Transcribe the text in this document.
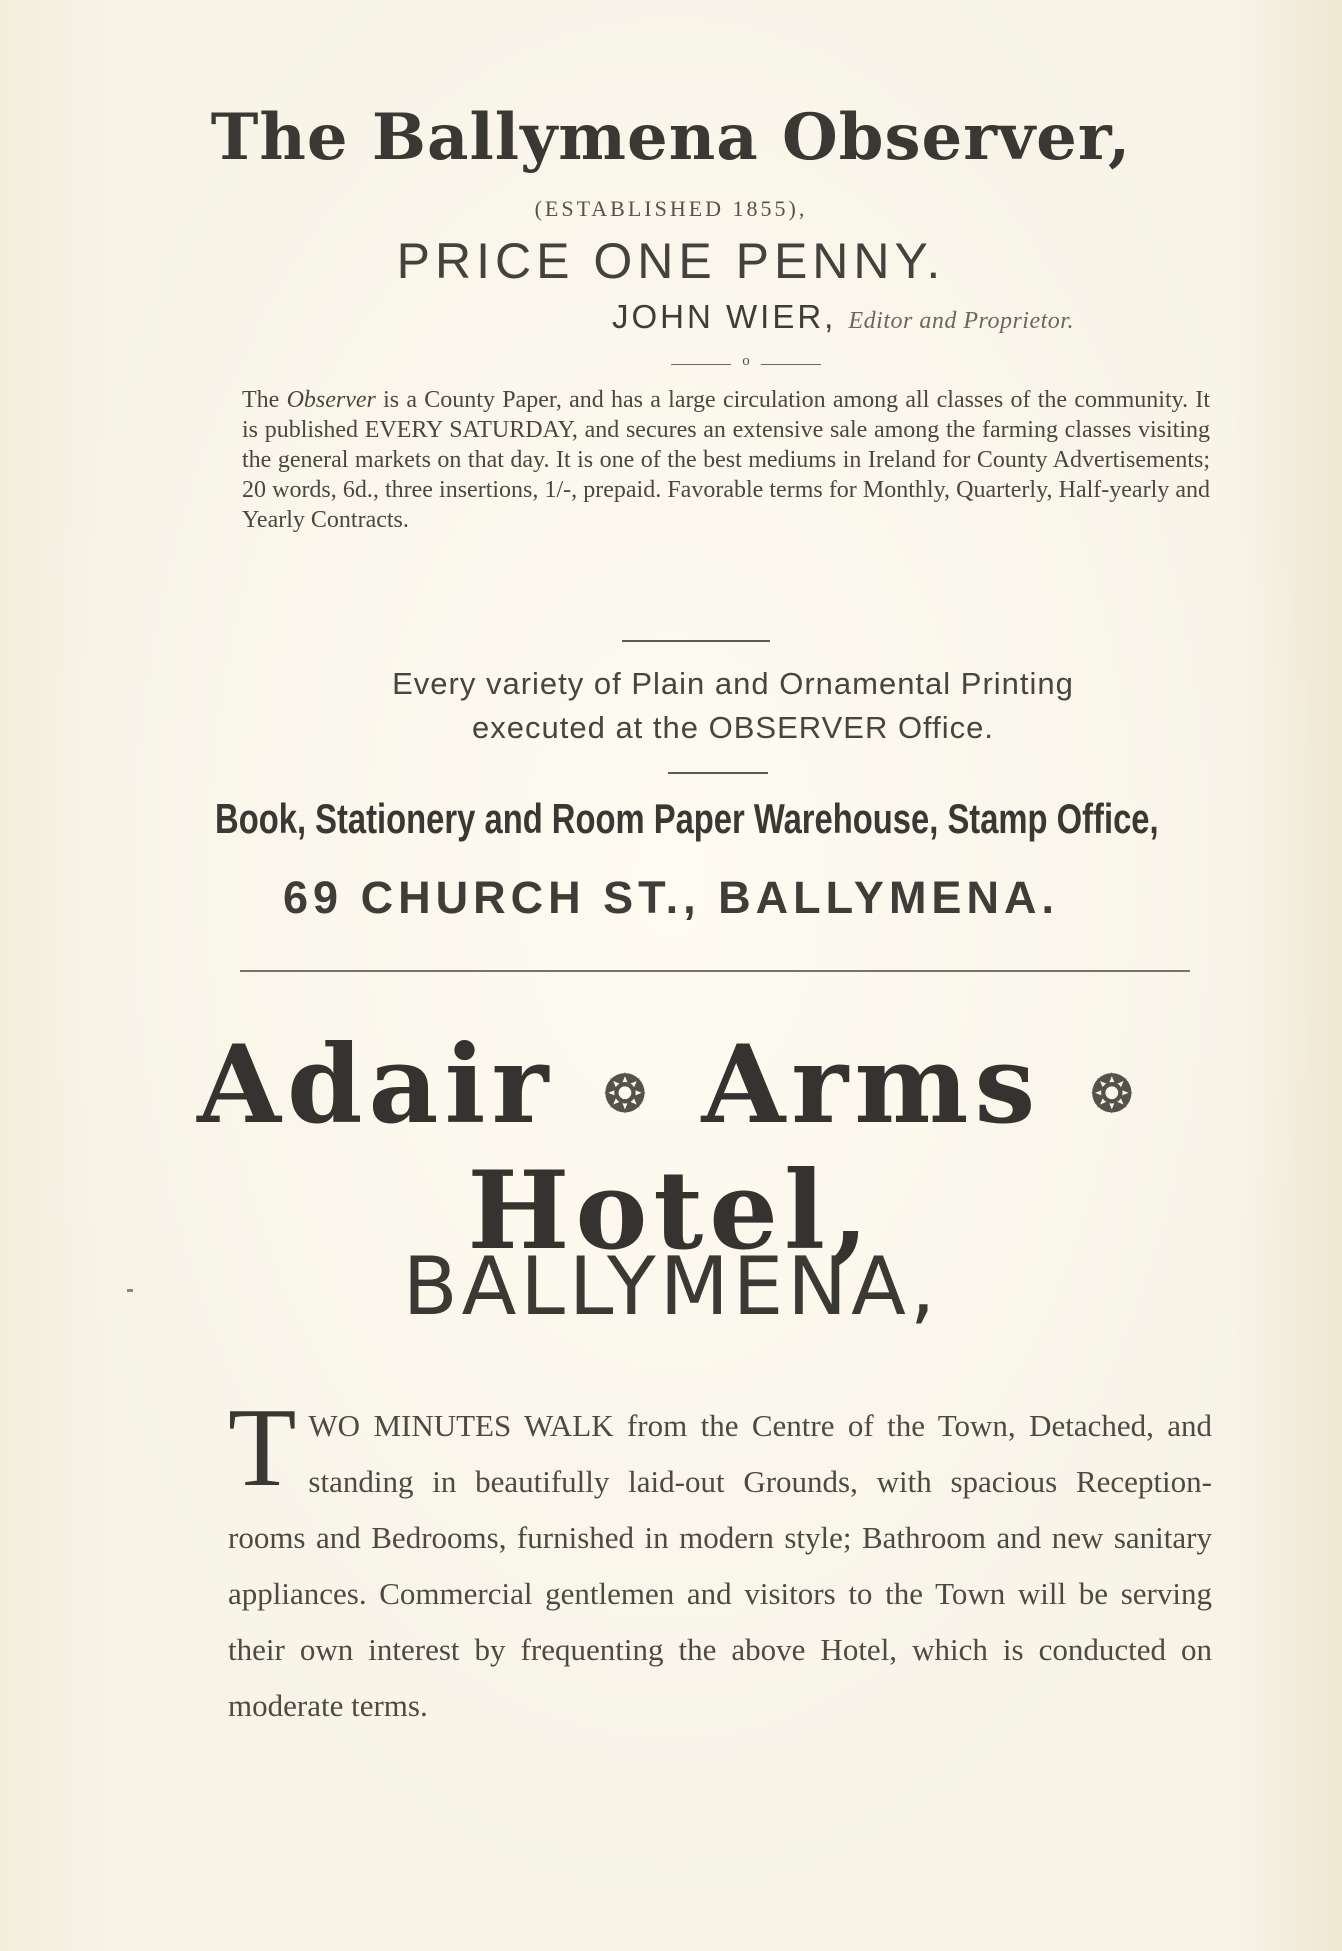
The Ballymena Observer,
(ESTABLISHED 1855),
PRICE ONE PENNY.
JOHN WIER, Editor and Proprietor.
o
The Observer is a County Paper, and has a large circulation among all classes of the community. It is published EVERY SATURDAY, and secures an extensive sale among the farming classes visiting the general markets on that day. It is one of the best mediums in Ireland for County Advertisements; 20 words, 6d., three insertions, 1/-, prepaid. Favorable terms for Monthly, Quarterly, Half-yearly and Yearly Contracts.
Every variety of Plain and Ornamental Printing
executed at the OBSERVER Office.
Book, Stationery and Room Paper Warehouse, Stamp Office,
69 CHURCH ST., BALLYMENA.
Adair ❂ Arms ❂ Hotel,
BALLYMENA,
TWO MINUTES WALK from the Centre of the Town, Detached, and standing in beautifully laid-out Grounds, with spacious Reception-rooms and Bedrooms, furnished in modern style; Bathroom and new sanitary appliances. Commercial gentlemen and visitors to the Town will be serving their own interest by frequenting the above Hotel, which is conducted on moderate terms.
